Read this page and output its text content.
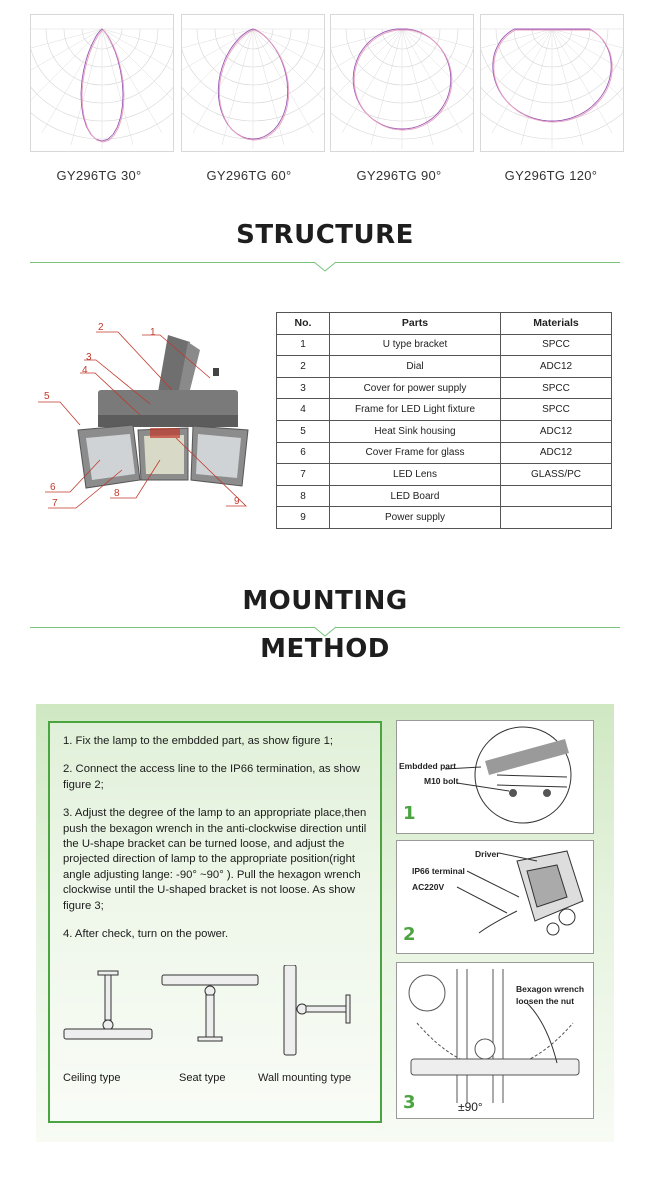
GY296TG 30°	GY296TG 60°	GY296TG 90°	GY296TG 120°
STRUCTURE
1
2
3
4
5
6
7
8
9
No.	Parts	Materials
1	U type bracket	SPCC
2	Dial	ADC12
3	Cover for power supply	SPCC
4	Frame for LED Light fixture	SPCC
5	Heat Sink housing	ADC12
6	Cover Frame for glass	ADC12
7	LED Lens	GLASS/PC
8	LED Board	
9	Power supply	
MOUNTING
METHOD

1. Fix the lamp to the embdded part, as show figure 1;

2. Connect the access line to the IP66 termination, as show figure 2;

3. Adjust the degree of the lamp to an appropriate place,then push the bexagon wrench in the anti-clockwise direction until the U-shape bracket can be turned loose, and adjust the projected direction of lamp to the appropriate position(right angle adjusting lange: -90° ~90° ). Pull the hexagon wrench clockwise until the U-shaped bracket is not loose. As show figure 3;

4. After check, turn on the power.

Ceiling type	Seat type	Wall mounting type
Embdded part
M10 bolt
1
Driver
IP66 terminal
AC220V
2
Bexagon wrench
loosen the nut
±90°
3
